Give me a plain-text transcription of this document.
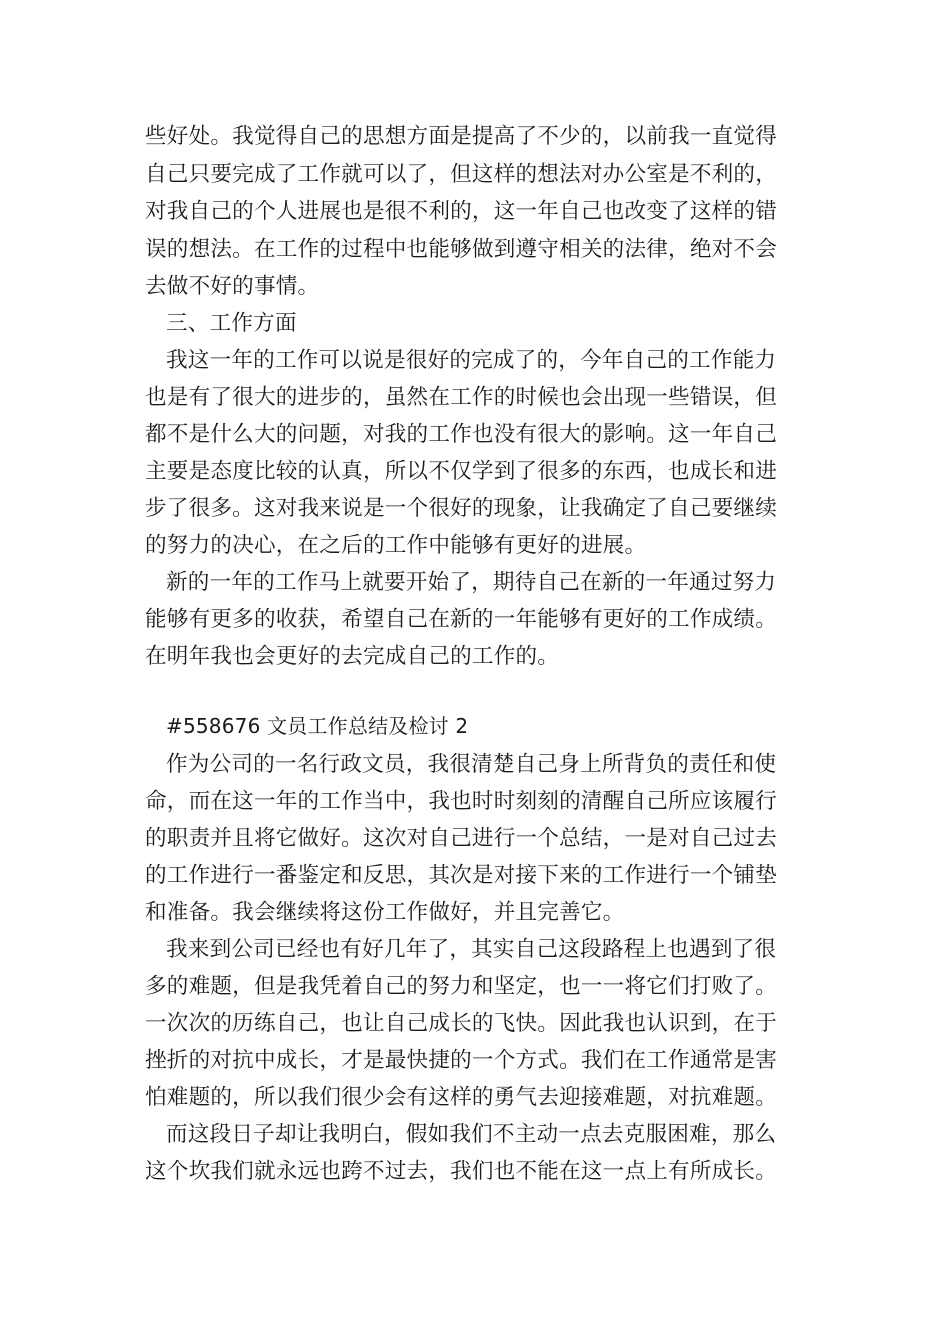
些好处。我觉得自己的思想方面是提高了不少的，以前我一直觉得
自己只要完成了工作就可以了，但这样的想法对办公室是不利的，
对我自己的个人进展也是很不利的，这一年自己也改变了这样的错
误的想法。在工作的过程中也能够做到遵守相关的法律，绝对不会
去做不好的事情。
三、工作方面
我这一年的工作可以说是很好的完成了的，今年自己的工作能力
也是有了很大的进步的，虽然在工作的时候也会出现一些错误，但
都不是什么大的问题，对我的工作也没有很大的影响。这一年自己
主要是态度比较的认真，所以不仅学到了很多的东西，也成长和进
步了很多。这对我来说是一个很好的现象，让我确定了自己要继续
的努力的决心，在之后的工作中能够有更好的进展。
新的一年的工作马上就要开始了，期待自己在新的一年通过努力
能够有更多的收获，希望自己在新的一年能够有更好的工作成绩。
在明年我也会更好的去完成自己的工作的。
#558676 文员工作总结及检讨 2
作为公司的一名行政文员，我很清楚自己身上所背负的责任和使
命，而在这一年的工作当中，我也时时刻刻的清醒自己所应该履行
的职责并且将它做好。这次对自己进行一个总结，一是对自己过去
的工作进行一番鉴定和反思，其次是对接下来的工作进行一个铺垫
和准备。我会继续将这份工作做好，并且完善它。
我来到公司已经也有好几年了，其实自己这段路程上也遇到了很
多的难题，但是我凭着自己的努力和坚定，也一一将它们打败了。
一次次的历练自己，也让自己成长的飞快。因此我也认识到，在于
挫折的对抗中成长，才是最快捷的一个方式。我们在工作通常是害
怕难题的，所以我们很少会有这样的勇气去迎接难题，对抗难题。
而这段日子却让我明白，假如我们不主动一点去克服困难，那么
这个坎我们就永远也跨不过去，我们也不能在这一点上有所成长。
